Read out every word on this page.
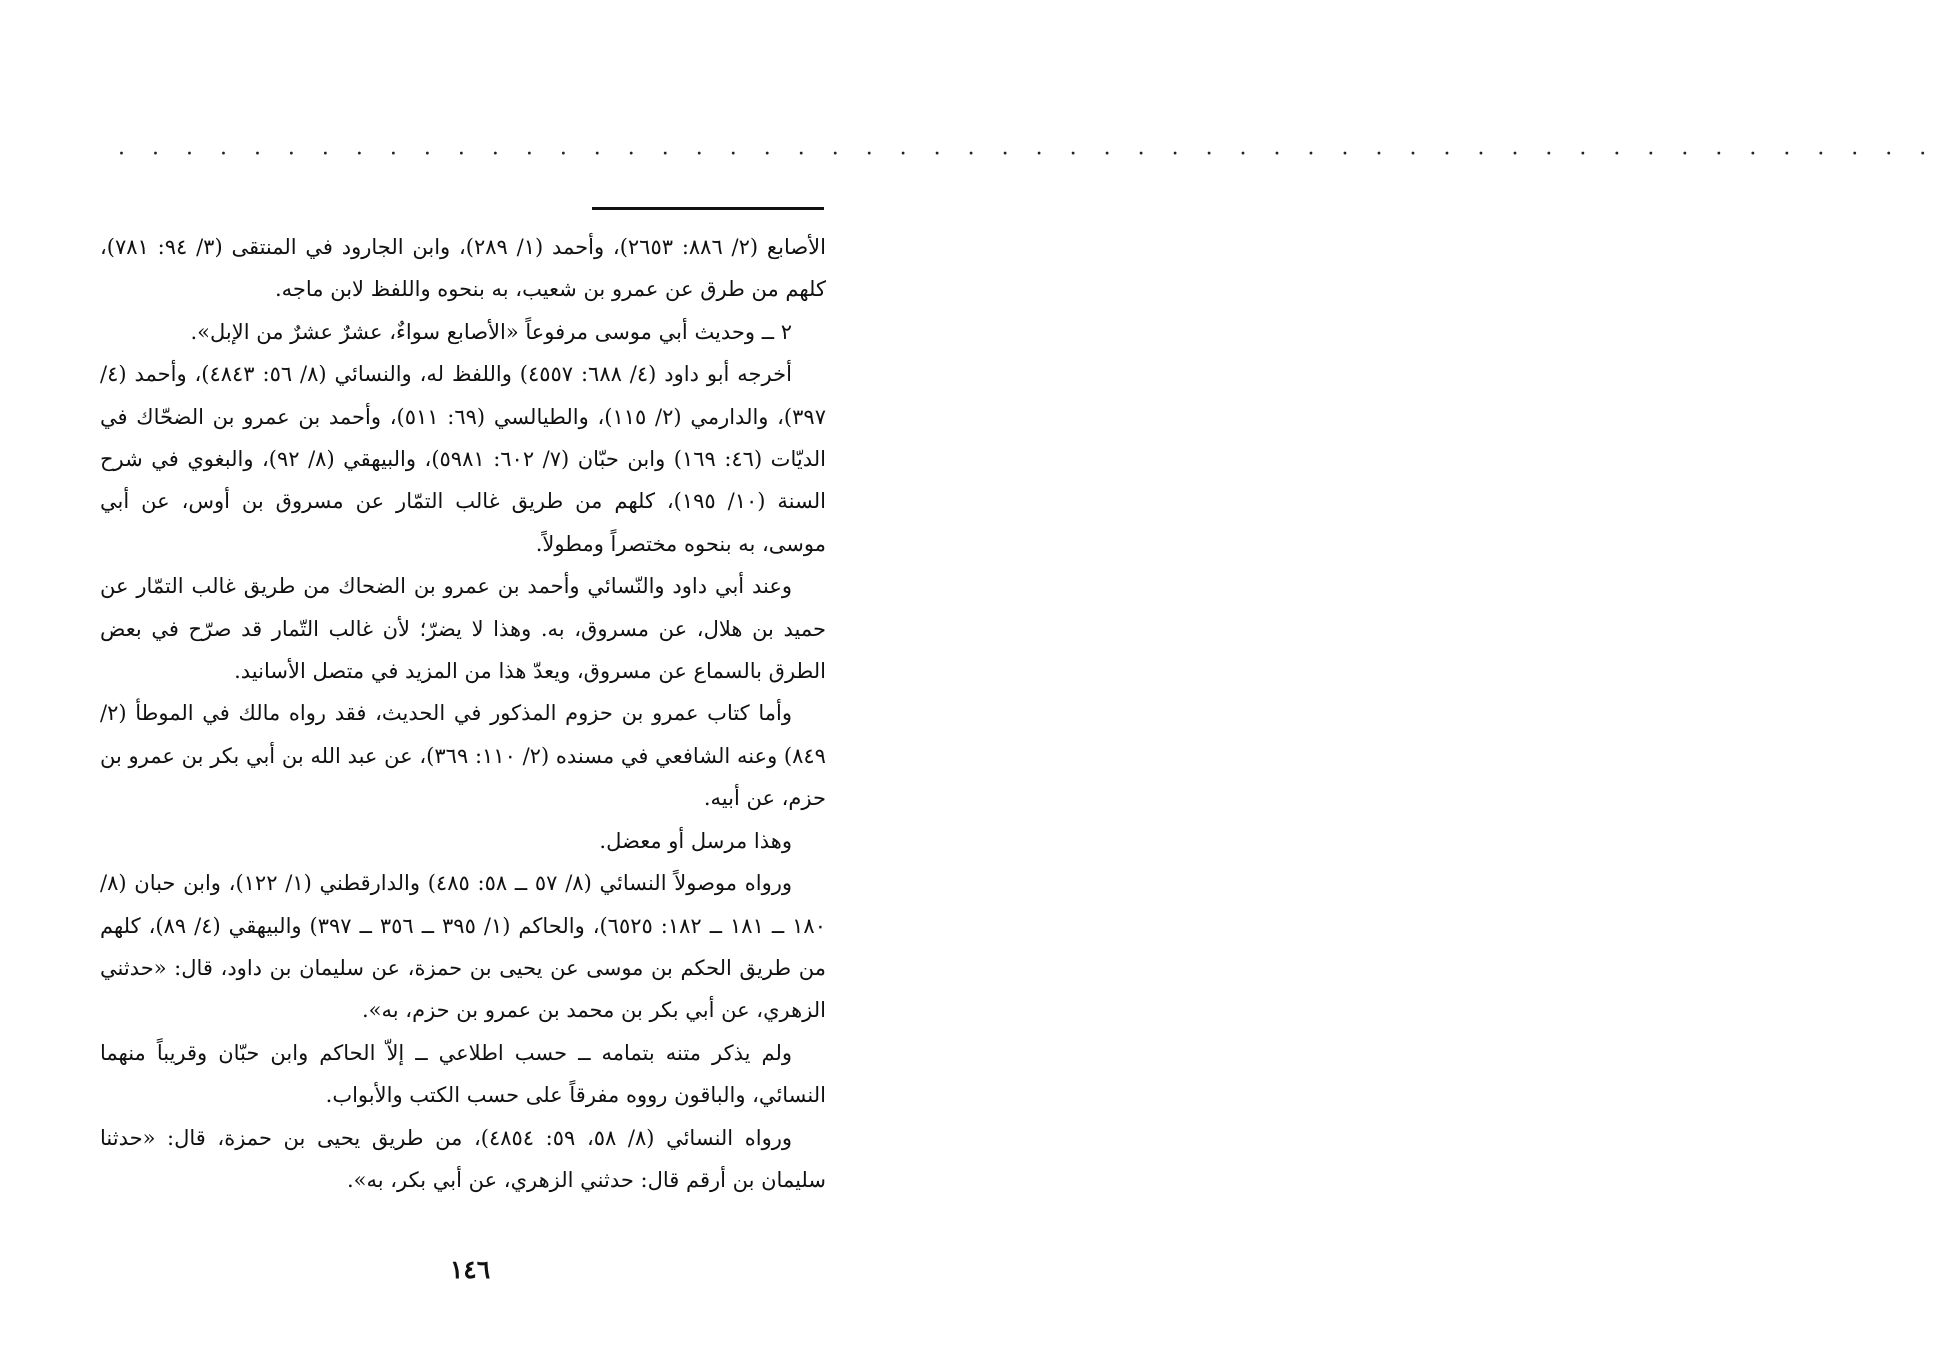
· · · · · · · · · · · · · · · · · · · · · · · · · · · · · · · · · · · · · · · · · · · · · · · · · · · · · ·

الأصابع (٢/ ٨٨٦: ٢٦٥٣)، وأحمد (١/ ٢٨٩)، وابن الجارود في المنتقى (٣/ ٩٤: ٧٨١)، كلهم من طرق عن عمرو بن شعيب، به بنحوه واللفظ لابن ماجه.

٢ ــ وحديث أبي موسى مرفوعاً «الأصابع سواءٌ، عشرٌ عشرٌ من الإبل».

أخرجه أبو داود (٤/ ٦٨٨: ٤٥٥٧) واللفظ له، والنسائي (٨/ ٥٦: ٤٨٤٣)، وأحمد (٤/ ٣٩٧)، والدارمي (٢/ ١١٥)، والطيالسي (٦٩: ٥١١)، وأحمد بن عمرو بن الضحّاك في الديّات (٤٦: ١٦٩) وابن حبّان (٧/ ٦٠٢: ٥٩٨١)، والبيهقي (٨/ ٩٢)، والبغوي في شرح السنة (١٠/ ١٩٥)، كلهم من طريق غالب التمّار عن مسروق بن أوس، عن أبي موسى، به بنحوه مختصراً ومطولاً.

وعند أبي داود والنّسائي وأحمد بن عمرو بن الضحاك من طريق غالب التمّار عن حميد بن هلال، عن مسروق، به. وهذا لا يضرّ؛ لأن غالب التّمار قد صرّح في بعض الطرق بالسماع عن مسروق، ويعدّ هذا من المزيد في متصل الأسانيد.

وأما كتاب عمرو بن حزوم المذكور في الحديث، فقد رواه مالك في الموطأ (٢/ ٨٤٩) وعنه الشافعي في مسنده (٢/ ١١٠: ٣٦٩)، عن عبد الله بن أبي بكر بن عمرو بن حزم، عن أبيه.

وهذا مرسل أو معضل.

ورواه موصولاً النسائي (٨/ ٥٧ ــ ٥٨: ٤٨٥) والدارقطني (١/ ١٢٢)، وابن حبان (٨/ ١٨٠ ــ ١٨١ ــ ١٨٢: ٦٥٢٥)، والحاكم (١/ ٣٩٥ ــ ٣٥٦ ــ ٣٩٧) والبيهقي (٤/ ٨٩)، كلهم من طريق الحكم بن موسى عن يحيى بن حمزة، عن سليمان بن داود، قال: «حدثني الزهري، عن أبي بكر بن محمد بن عمرو بن حزم، به».

ولم يذكر متنه بتمامه ــ حسب اطلاعي ــ إلاّ الحاكم وابن حبّان وقريباً منهما النسائي، والباقون رووه مفرقاً على حسب الكتب والأبواب.

ورواه النسائي (٨/ ٥٨، ٥٩: ٤٨٥٤)، من طريق يحيى بن حمزة، قال: «حدثنا سليمان بن أرقم قال: حدثني الزهري، عن أبي بكر، به».

١٤٦
